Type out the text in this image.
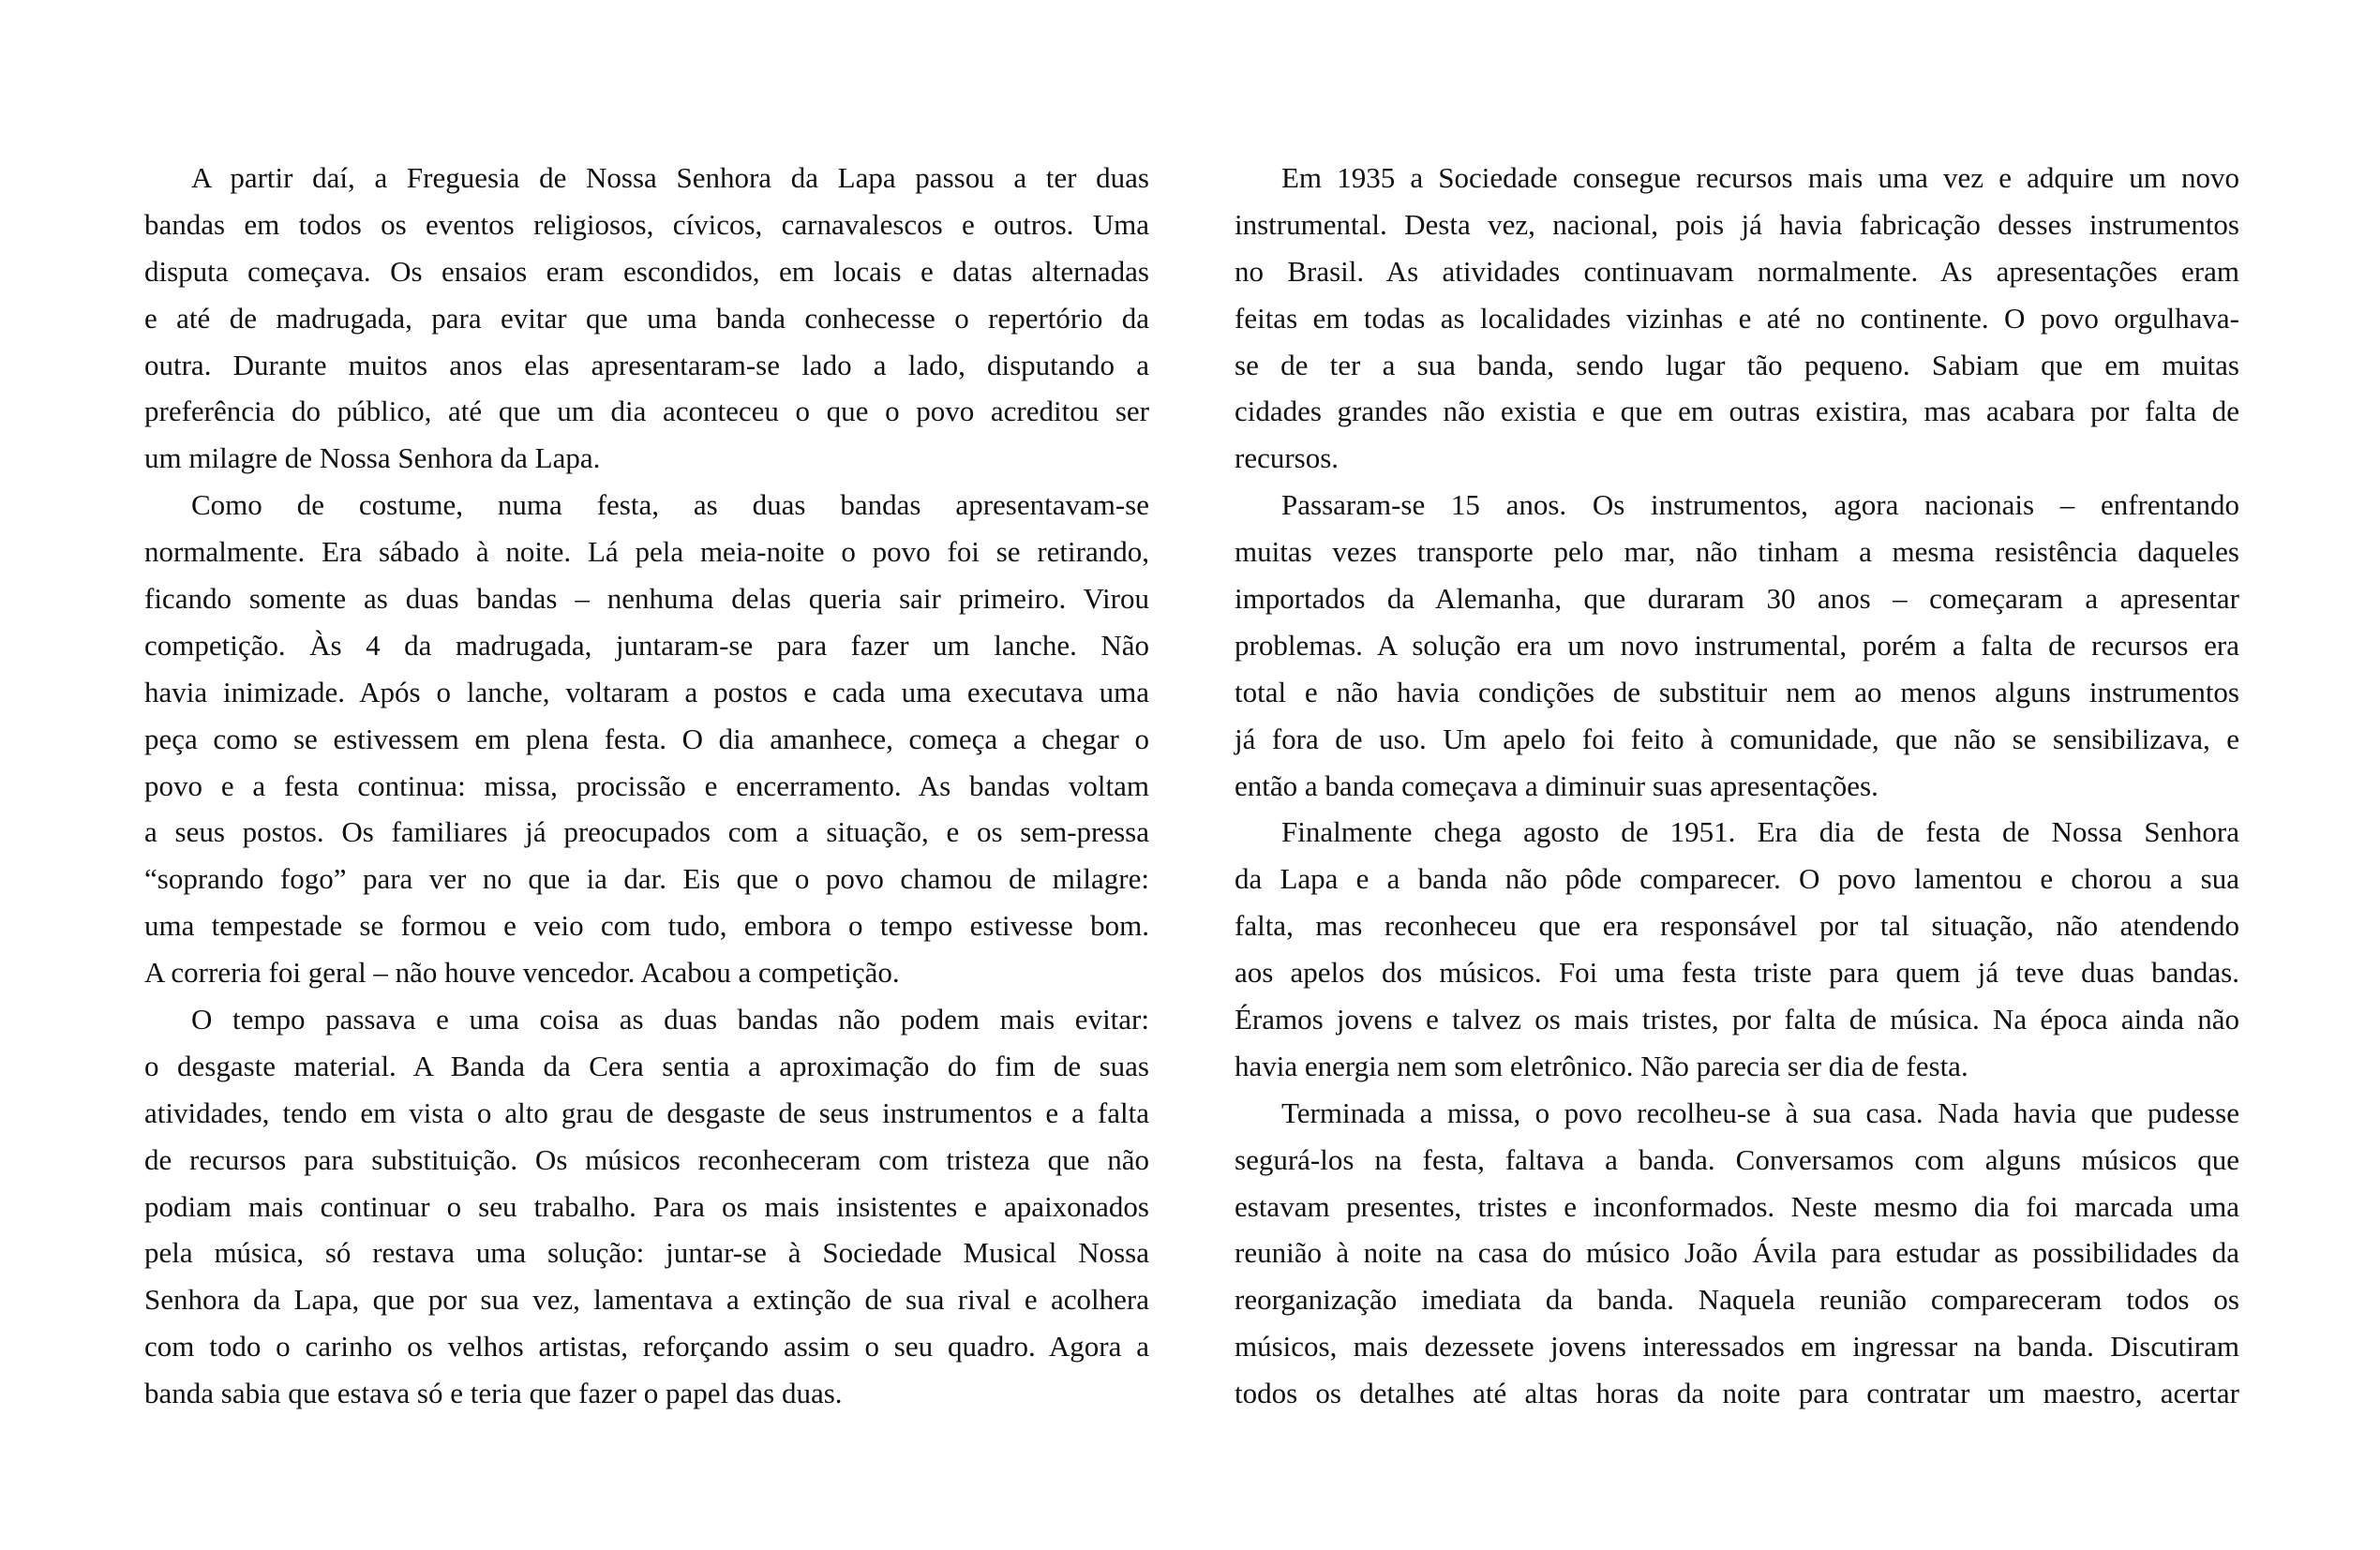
A partir daí, a Freguesia de Nossa Senhora da Lapa passou a ter duas
bandas em todos os eventos religiosos, cívicos, carnavalescos e outros. Uma
disputa começava. Os ensaios eram escondidos, em locais e datas alternadas
e até de madrugada, para evitar que uma banda conhecesse o repertório da
outra. Durante muitos anos elas apresentaram-se lado a lado, disputando a
preferência do público, até que um dia aconteceu o que o povo acreditou ser
um milagre de Nossa Senhora da Lapa.
Como de costume, numa festa, as duas bandas apresentavam-se
normalmente. Era sábado à noite. Lá pela meia-noite o povo foi se retirando,
ficando somente as duas bandas – nenhuma delas queria sair primeiro. Virou
competição. Às 4 da madrugada, juntaram-se para fazer um lanche. Não
havia inimizade. Após o lanche, voltaram a postos e cada uma executava uma
peça como se estivessem em plena festa. O dia amanhece, começa a chegar o
povo e a festa continua: missa, procissão e encerramento. As bandas voltam
a seus postos. Os familiares já preocupados com a situação, e os sem-pressa
“soprando fogo” para ver no que ia dar. Eis que o povo chamou de milagre:
uma tempestade se formou e veio com tudo, embora o tempo estivesse bom.
A correria foi geral – não houve vencedor. Acabou a competição.
O tempo passava e uma coisa as duas bandas não podem mais evitar:
o desgaste material. A Banda da Cera sentia a aproximação do fim de suas
atividades, tendo em vista o alto grau de desgaste de seus instrumentos e a falta
de recursos para substituição. Os músicos reconheceram com tristeza que não
podiam mais continuar o seu trabalho. Para os mais insistentes e apaixonados
pela música, só restava uma solução: juntar-se à Sociedade Musical Nossa
Senhora da Lapa, que por sua vez, lamentava a extinção de sua rival e acolhera
com todo o carinho os velhos artistas, reforçando assim o seu quadro. Agora a
banda sabia que estava só e teria que fazer o papel das duas.
Em 1935 a Sociedade consegue recursos mais uma vez e adquire um novo
instrumental. Desta vez, nacional, pois já havia fabricação desses instrumentos
no Brasil. As atividades continuavam normalmente. As apresentações eram
feitas em todas as localidades vizinhas e até no continente. O povo orgulhava-
se de ter a sua banda, sendo lugar tão pequeno. Sabiam que em muitas
cidades grandes não existia e que em outras existira, mas acabara por falta de
recursos.
Passaram-se 15 anos. Os instrumentos, agora nacionais – enfrentando
muitas vezes transporte pelo mar, não tinham a mesma resistência daqueles
importados da Alemanha, que duraram 30 anos – começaram a apresentar
problemas. A solução era um novo instrumental, porém a falta de recursos era
total e não havia condições de substituir nem ao menos alguns instrumentos
já fora de uso. Um apelo foi feito à comunidade, que não se sensibilizava, e
então a banda começava a diminuir suas apresentações.
Finalmente chega agosto de 1951. Era dia de festa de Nossa Senhora
da Lapa e a banda não pôde comparecer. O povo lamentou e chorou a sua
falta, mas reconheceu que era responsável por tal situação, não atendendo
aos apelos dos músicos. Foi uma festa triste para quem já teve duas bandas.
Éramos jovens e talvez os mais tristes, por falta de música. Na época ainda não
havia energia nem som eletrônico. Não parecia ser dia de festa.
Terminada a missa, o povo recolheu-se à sua casa. Nada havia que pudesse
segurá-los na festa, faltava a banda. Conversamos com alguns músicos que
estavam presentes, tristes e inconformados. Neste mesmo dia foi marcada uma
reunião à noite na casa do músico João Ávila para estudar as possibilidades da
reorganização imediata da banda. Naquela reunião compareceram todos os
músicos, mais dezessete jovens interessados em ingressar na banda. Discutiram
todos os detalhes até altas horas da noite para contratar um maestro, acertar
